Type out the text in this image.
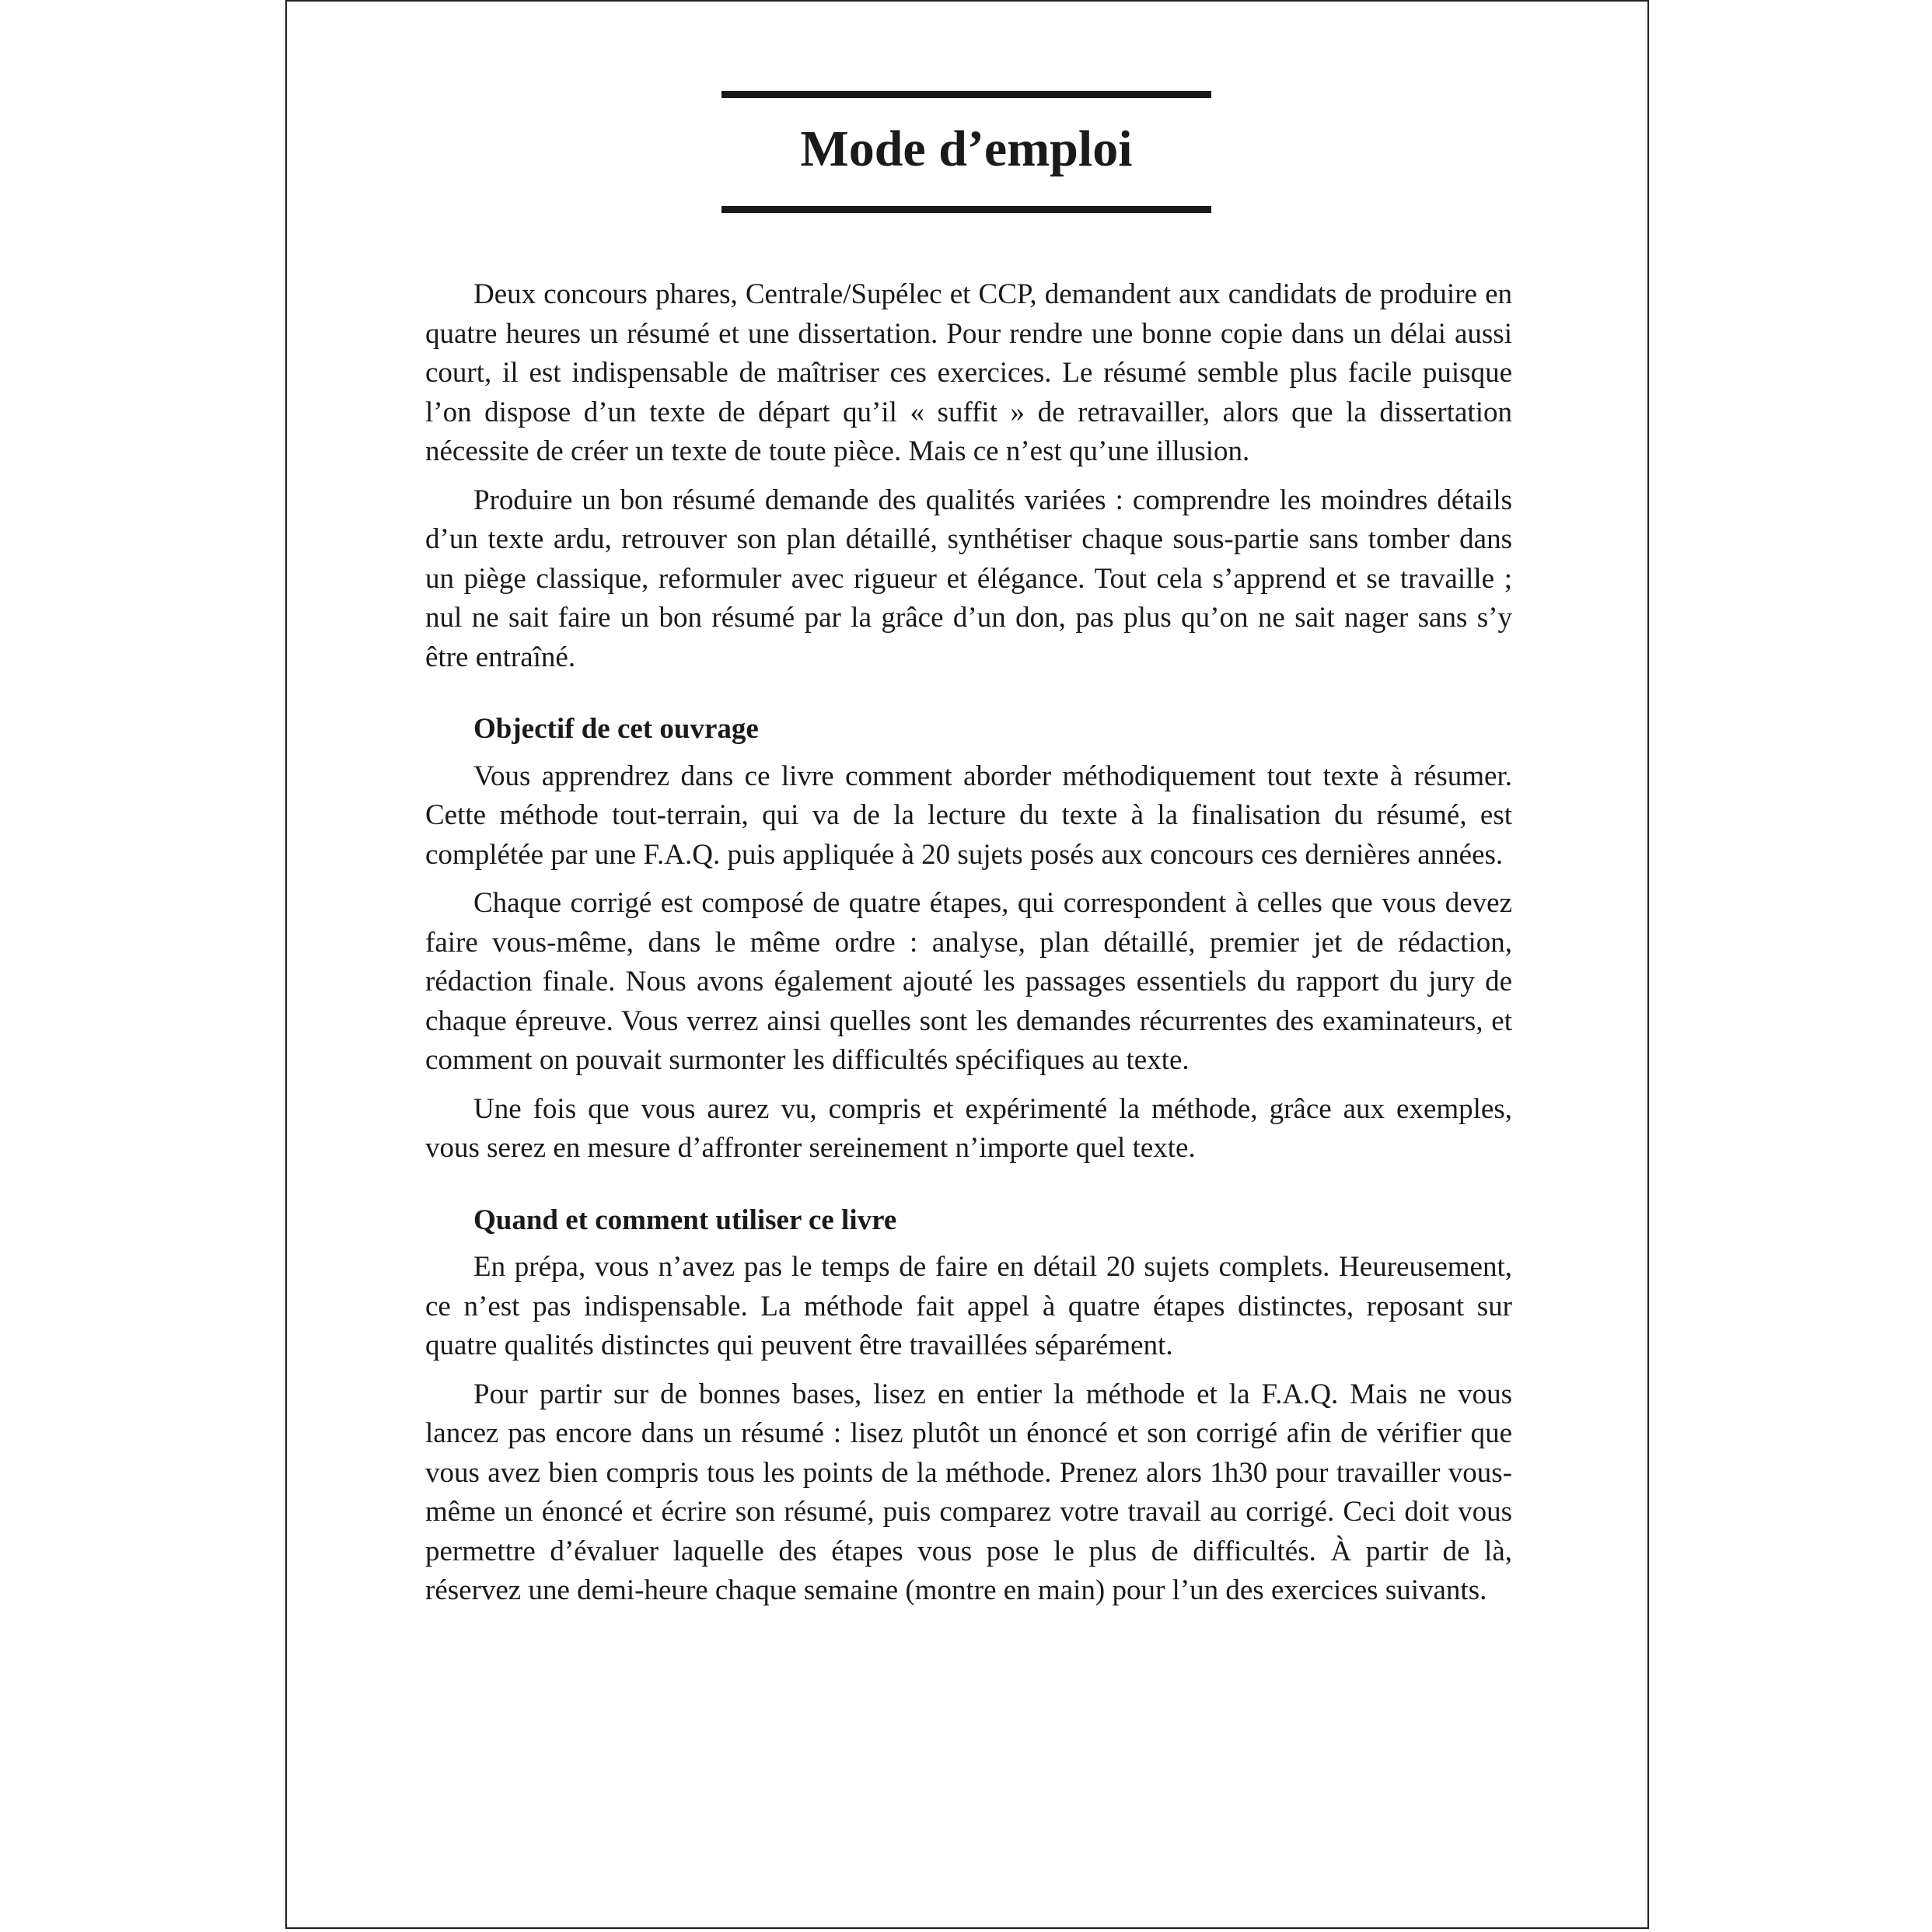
Mode d’emploi

Deux concours phares, Centrale/Supélec et CCP, demandent aux candidats de produire en quatre heures un résumé et une dissertation. Pour rendre une bonne copie dans un délai aussi court, il est indispensable de maîtriser ces exercices. Le résumé semble plus facile puisque l’on dispose d’un texte de départ qu’il « suffit » de retravailler, alors que la dissertation nécessite de créer un texte de toute pièce. Mais ce n’est qu’une illusion.

Produire un bon résumé demande des qualités variées : comprendre les moindres détails d’un texte ardu, retrouver son plan détaillé, synthétiser chaque sous-partie sans tomber dans un piège classique, reformuler avec rigueur et élégance. Tout cela s’apprend et se travaille ; nul ne sait faire un bon résumé par la grâce d’un don, pas plus qu’on ne sait nager sans s’y être entraîné.

Objectif de cet ouvrage

Vous apprendrez dans ce livre comment aborder méthodiquement tout texte à résumer. Cette méthode tout-terrain, qui va de la lecture du texte à la finalisation du résumé, est complétée par une F.A.Q. puis appliquée à 20 sujets posés aux concours ces dernières années.

Chaque corrigé est composé de quatre étapes, qui correspondent à celles que vous devez faire vous-même, dans le même ordre : analyse, plan détaillé, premier jet de rédaction, rédaction finale. Nous avons également ajouté les passages essentiels du rapport du jury de chaque épreuve. Vous verrez ainsi quelles sont les demandes récurrentes des examinateurs, et comment on pouvait surmonter les difficultés spécifiques au texte.

Une fois que vous aurez vu, compris et expérimenté la méthode, grâce aux exemples, vous serez en mesure d’affronter sereinement n’importe quel texte.

Quand et comment utiliser ce livre

En prépa, vous n’avez pas le temps de faire en détail 20 sujets complets. Heureusement, ce n’est pas indispensable. La méthode fait appel à quatre étapes distinctes, reposant sur quatre qualités distinctes qui peuvent être travaillées séparément.

Pour partir sur de bonnes bases, lisez en entier la méthode et la F.A.Q. Mais ne vous lancez pas encore dans un résumé : lisez plutôt un énoncé et son corrigé afin de vérifier que vous avez bien compris tous les points de la méthode. Prenez alors 1h30 pour travailler vous-même un énoncé et écrire son résumé, puis comparez votre travail au corrigé. Ceci doit vous permettre d’évaluer laquelle des étapes vous pose le plus de difficultés. À partir de là, réservez une demi-heure chaque semaine (montre en main) pour l’un des exercices suivants.
